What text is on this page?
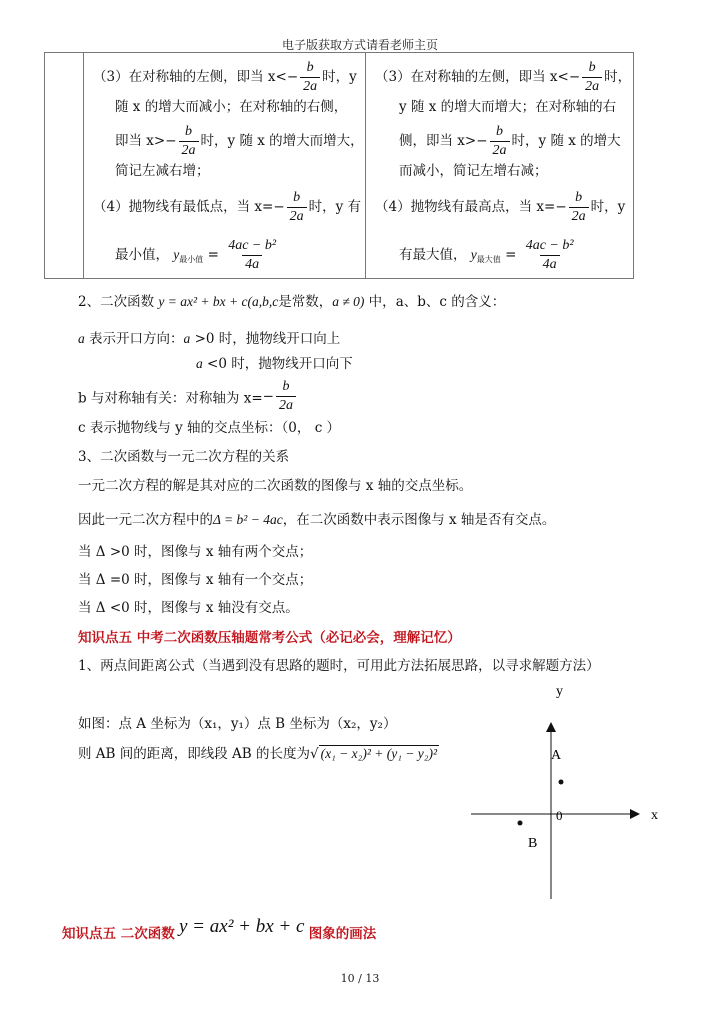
电子版获取方式请看老师主页
（3）在对称轴的左侧，即当 $x<- \frac{b}{2a}$ 时，y
随 x 的增大而减小；在对称轴的右侧，
即当 $x>- \frac{b}{2a}$ 时，y 随 x 的增大而增大，
简记左减右增；
（4）抛物线有最低点，当 $x=- \frac{b}{2a}$ 时，y 有
最小值， $y_{最小值} = \frac{\text{4ac − b²}}{4a}$
（3）在对称轴的左侧，即当 $x<- \frac{b}{2a}$ 时，
y 随 x 的增大而增大；在对称轴的右
侧，即当 $x>- \frac{b}{2a}$ 时，y 随 x 的增大
而减小，简记左增右减；
（4）抛物线有最高点，当 $x=- \frac{b}{2a}$ 时，y
有最大值， $y_{最大值} = \frac{\text{4ac − b²}}{4a}$
2、二次函数 y = ax² + bx + c(a,b,c是常数，a ≠ 0) 中，a、b、c 的含义：
a 表示开口方向：a >0 时，抛物线开口向上
a <0 时，抛物线开口向下
b 与对称轴有关：对称轴为 $x=- \frac{b}{2a}$
c 表示抛物线与 y 轴的交点坐标：（0， c ）
3、二次函数与一元二次方程的关系
一元二次方程的解是其对应的二次函数的图像与 x 轴的交点坐标。
因此一元二次方程中的Δ = b² − 4ac，在二次函数中表示图像与 x 轴是否有交点。
当 Δ >0 时，图像与 x 轴有两个交点；
当 Δ =0 时，图像与 x 轴有一个交点；
当 Δ <0 时，图像与 x 轴没有交点。
知识点五 中考二次函数压轴题常考公式（必记必会，理解记忆）
1、两点间距离公式（当遇到没有思路的题时，可用此方法拓展思路，以寻求解题方法）
如图：点 A 坐标为（x₁，y₁）点 B 坐标为（x₂，y₂）
则 AB 间的距离，即线段 AB 的长度为√ (x₁ − x₂)² + (y₁ − y₂)²
y
x
0
A
B
知识点五 二次函数 y = ax² + bx + c 图象的画法
10 / 13
